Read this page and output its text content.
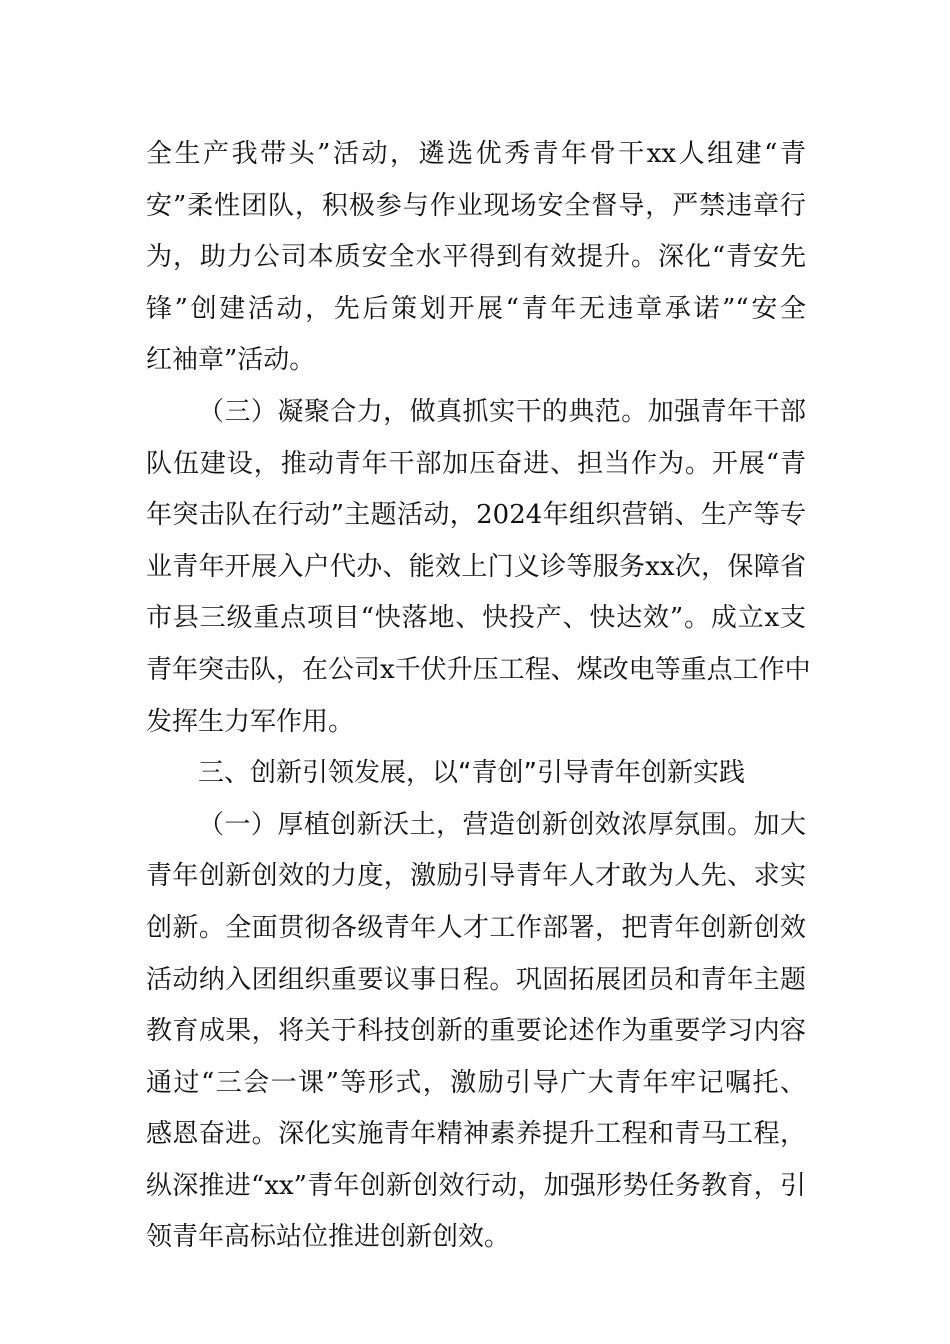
全生产我带头”活动，遴选优秀青年骨干xx人组建“青
安”柔性团队，积极参与作业现场安全督导，严禁违章行
为，助力公司本质安全水平得到有效提升。深化“青安先
锋”创建活动，先后策划开展“青年无违章承诺”“安全
红袖章”活动。
（三）凝聚合力，做真抓实干的典范。加强青年干部
队伍建设，推动青年干部加压奋进、担当作为。开展“青
年突击队在行动”主题活动，2024年组织营销、生产等专
业青年开展入户代办、能效上门义诊等服务xx次，保障省
市县三级重点项目“快落地、快投产、快达效”。成立x支
青年突击队，在公司x千伏升压工程、煤改电等重点工作中
发挥生力军作用。
三、创新引领发展，以“青创”引导青年创新实践
（一）厚植创新沃土，营造创新创效浓厚氛围。加大
青年创新创效的力度，激励引导青年人才敢为人先、求实
创新。全面贯彻各级青年人才工作部署，把青年创新创效
活动纳入团组织重要议事日程。巩固拓展团员和青年主题
教育成果，将关于科技创新的重要论述作为重要学习内容
通过“三会一课”等形式，激励引导广大青年牢记嘱托、
感恩奋进。深化实施青年精神素养提升工程和青马工程，
纵深推进“xx”青年创新创效行动，加强形势任务教育，引
领青年高标站位推进创新创效。
